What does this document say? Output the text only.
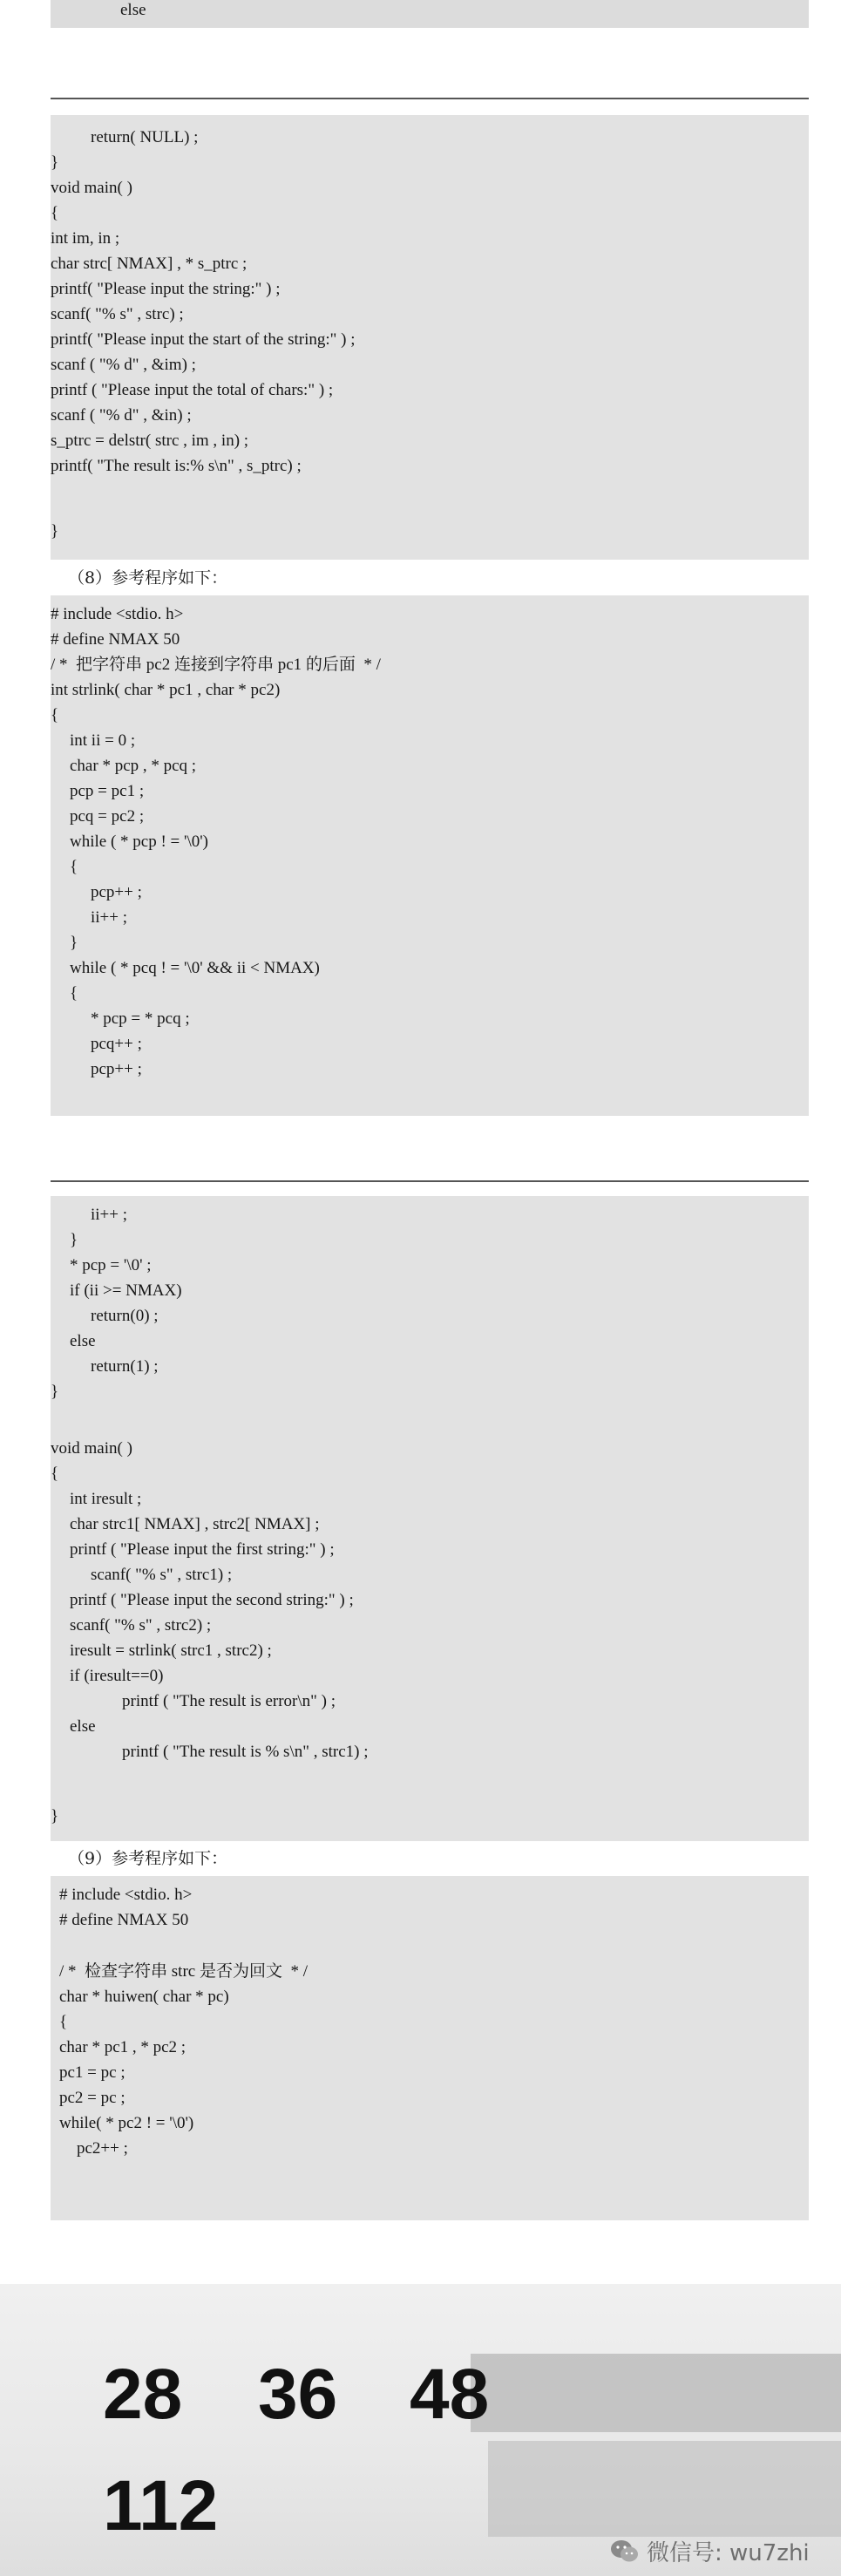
else
return( NULL) ;
}
void main( )
{
int im, in ;
char strc[ NMAX] , * s_ptrc ;
printf( "Please input the string:" ) ;
scanf( "% s" , strc) ;
printf( "Please input the start of the string:" ) ;
scanf ( "% d" , &im) ;
printf ( "Please input the total of chars:" ) ;
scanf ( "% d" , &in) ;
s_ptrc = delstr( strc , im , in) ;
printf( "The result is:% s\n" , s_ptrc) ;
}
（8）参考程序如下：
# include <stdio. h>
# define NMAX 50
/ *  把字符串 pc2 连接到字符串 pc1 的后面  * /
int strlink( char * pc1 , char * pc2)
{
int ii = 0 ;
char * pcp , * pcq ;
pcp = pc1 ;
pcq = pc2 ;
while ( * pcp ! = '\0')
{
pcp++ ;
ii++ ;
}
while ( * pcq ! = '\0' && ii < NMAX)
{
* pcp = * pcq ;
pcq++ ;
pcp++ ;
ii++ ;
}
* pcp = '\0' ;
if (ii >= NMAX)
return(0) ;
else
return(1) ;
}
void main( )
{
int iresult ;
char strc1[ NMAX] , strc2[ NMAX] ;
printf ( "Please input the first string:" ) ;
scanf( "% s" , strc1) ;
printf ( "Please input the second string:" ) ;
scanf( "% s" , strc2) ;
iresult = strlink( strc1 , strc2) ;
if (iresult==0)
printf ( "The result is error\n" ) ;
else
printf ( "The result is % s\n" , strc1) ;
}
（9）参考程序如下：
# include <stdio. h>
# define NMAX 50
/ *  检查字符串 strc 是否为回文  * /
char * huiwen( char * pc)
{
char * pc1 , * pc2 ;
pc1 = pc ;
pc2 = pc ;
while( * pc2 ! = '\0')
pc2++ ;
28 36 48
112
微信号: wu7zhi
